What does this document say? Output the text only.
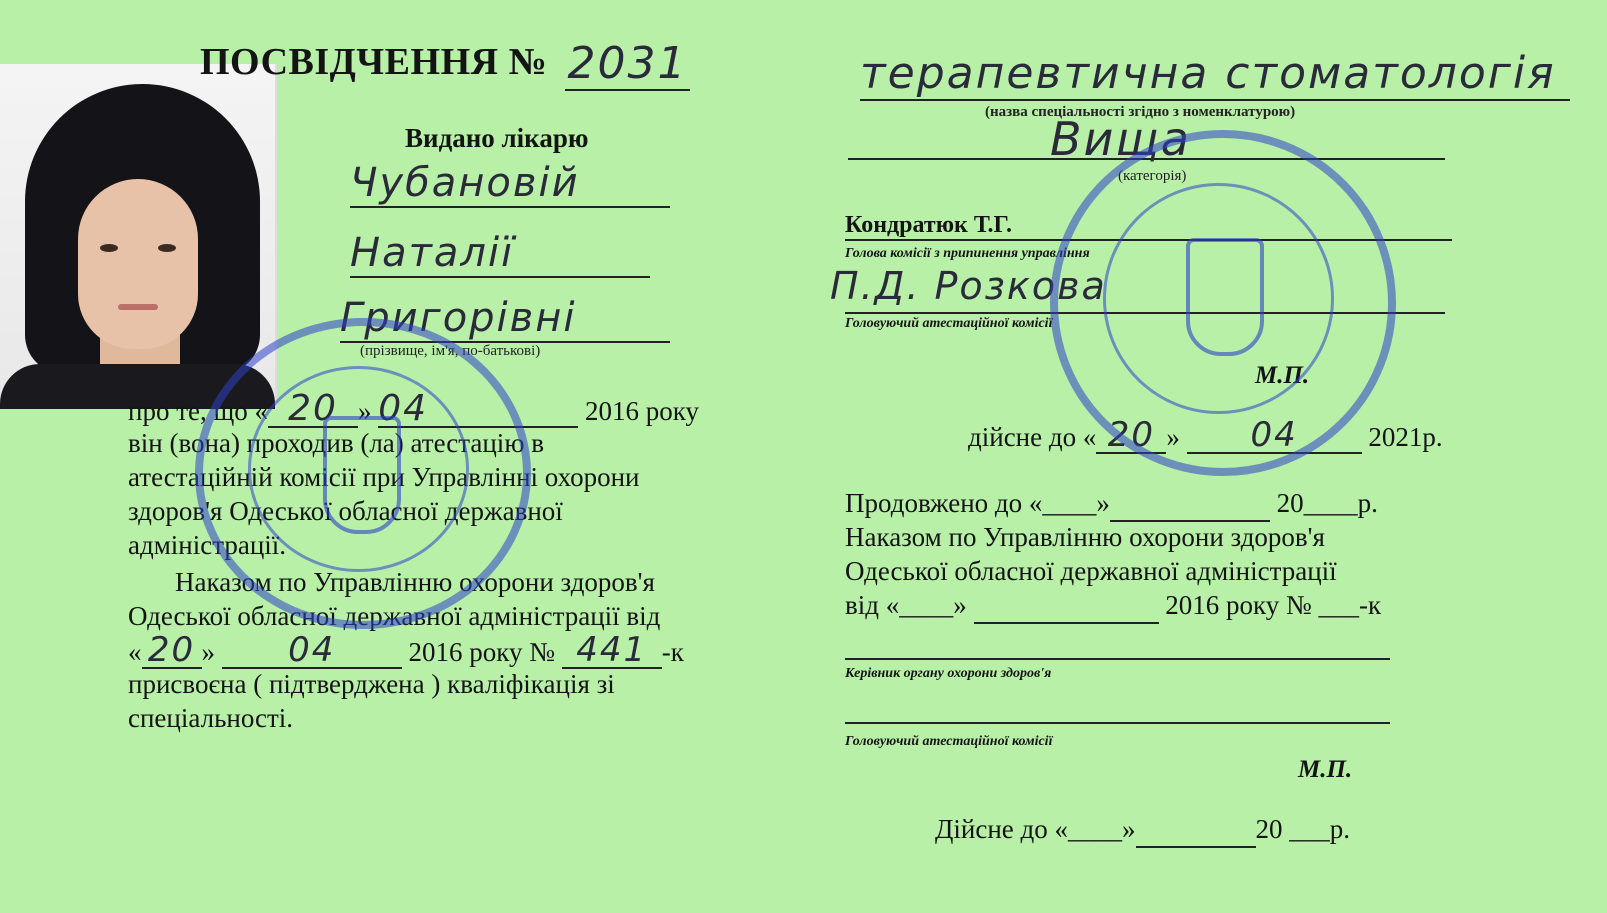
ПОСВІДЧЕННЯ № 2031
Видано лікарю
Чубановій
Наталії
Григорівні
(прізвище, ім'я, по-батькові)
про те, що « 20 » 04	2016 року
він (вона) проходив (ла) атестацію в
атестаційній комісії при Управлінні охорони
здоров'я Одеської обласної державної
адміністрації.
Наказом по Управлінню охорони здоров'я
Одеської обласної державної адміністрації від
« 20 » 04	2016 року № 441 -к
присвоєна ( підтверджена ) кваліфікація зі
спеціальності.
терапевтична стоматологія
(назва спеціальності згідно з номенклатурою)
Вища
(категорія)
Кондратюк Т.Г.
Голова комісії з припинення управління
П.Д. Розкова
Головуючий атестаційної комісії
М.П.
дійсне до « 20 » 04	2021р.
Продовжено до «____»	20____р.
Наказом по Управлінню охорони здоров'я
Одеської обласної державної адміністрації
від «____»	2016 року № ___-к
Керівник органу охорони здоров'я
Головуючий атестаційної комісії
М.П.
Дійсне до «____»	20 ___р.
